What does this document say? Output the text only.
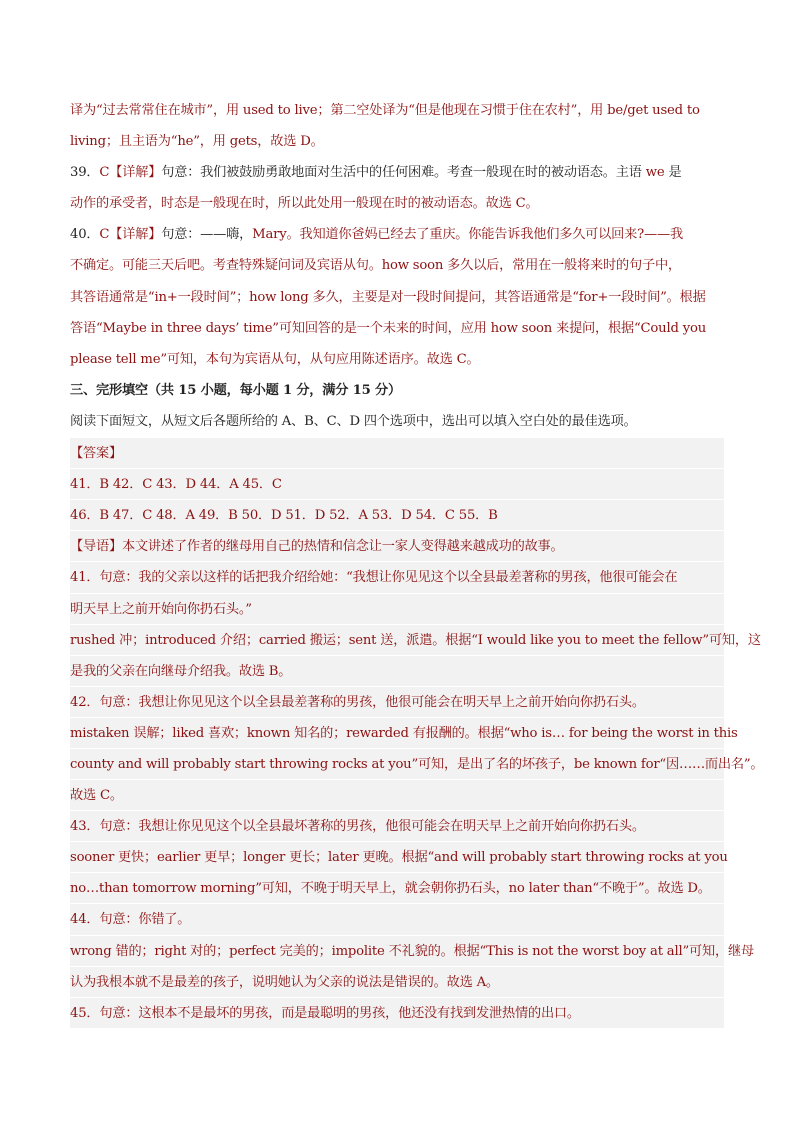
译为“过去常常住在城市”，用 used to live；第二空处译为“但是他现在习惯于住在农村”，用 be/get used to
living；且主语为“he”，用 gets，故选 D。
39．C【详解】句意：我们被鼓励勇敢地面对生活中的任何困难。考查一般现在时的被动语态。主语 we 是
动作的承受者，时态是一般现在时，所以此处用一般现在时的被动语态。故选 C。
40．C【详解】句意：——嗨，Mary。我知道你爸妈已经去了重庆。你能告诉我他们多久可以回来?——我
不确定。可能三天后吧。考查特殊疑问词及宾语从句。how soon 多久以后，常用在一般将来时的句子中，
其答语通常是“in+一段时间”；how long 多久，主要是对一段时间提问，其答语通常是“for+一段时间”。根据
答语“Maybe in three days’ time”可知回答的是一个未来的时间，应用 how soon 来提问，根据“Could you
please tell me”可知，本句为宾语从句，从句应用陈述语序。故选 C。
三、完形填空（共 15 小题，每小题 1 分，满分 15 分）
阅读下面短文，从短文后各题所给的 A、B、C、D 四个选项中，选出可以填入空白处的最佳选项。
【答案】
41．B 42．C 43．D 44．A 45．C
46．B 47．C 48．A 49．B 50．D 51．D 52．A 53．D 54．C 55．B
【导语】本文讲述了作者的继母用自己的热情和信念让一家人变得越来越成功的故事。
41．句意：我的父亲以这样的话把我介绍给她：“我想让你见见这个以全县最差著称的男孩，他很可能会在
明天早上之前开始向你扔石头。”
rushed 冲；introduced 介绍；carried 搬运；sent 送，派遣。根据“I would like you to meet the fellow”可知，这
是我的父亲在向继母介绍我。故选 B。
42．句意：我想让你见见这个以全县最差著称的男孩，他很可能会在明天早上之前开始向你扔石头。
mistaken 误解；liked 喜欢；known 知名的；rewarded 有报酬的。根据“who is… for being the worst in this
county and will probably start throwing rocks at you”可知，是出了名的坏孩子，be known for“因……而出名”。
故选 C。
43．句意：我想让你见见这个以全县最坏著称的男孩，他很可能会在明天早上之前开始向你扔石头。
sooner 更快；earlier 更早；longer 更长；later 更晚。根据“and will probably start throwing rocks at you
no…than tomorrow morning”可知，不晚于明天早上，就会朝你扔石头，no later than“不晚于”。故选 D。
44．句意：你错了。
wrong 错的；right 对的；perfect 完美的；impolite 不礼貌的。根据“This is not the worst boy at all”可知，继母
认为我根本就不是最差的孩子，说明她认为父亲的说法是错误的。故选 A。
45．句意：这根本不是最坏的男孩，而是最聪明的男孩，他还没有找到发泄热情的出口。
